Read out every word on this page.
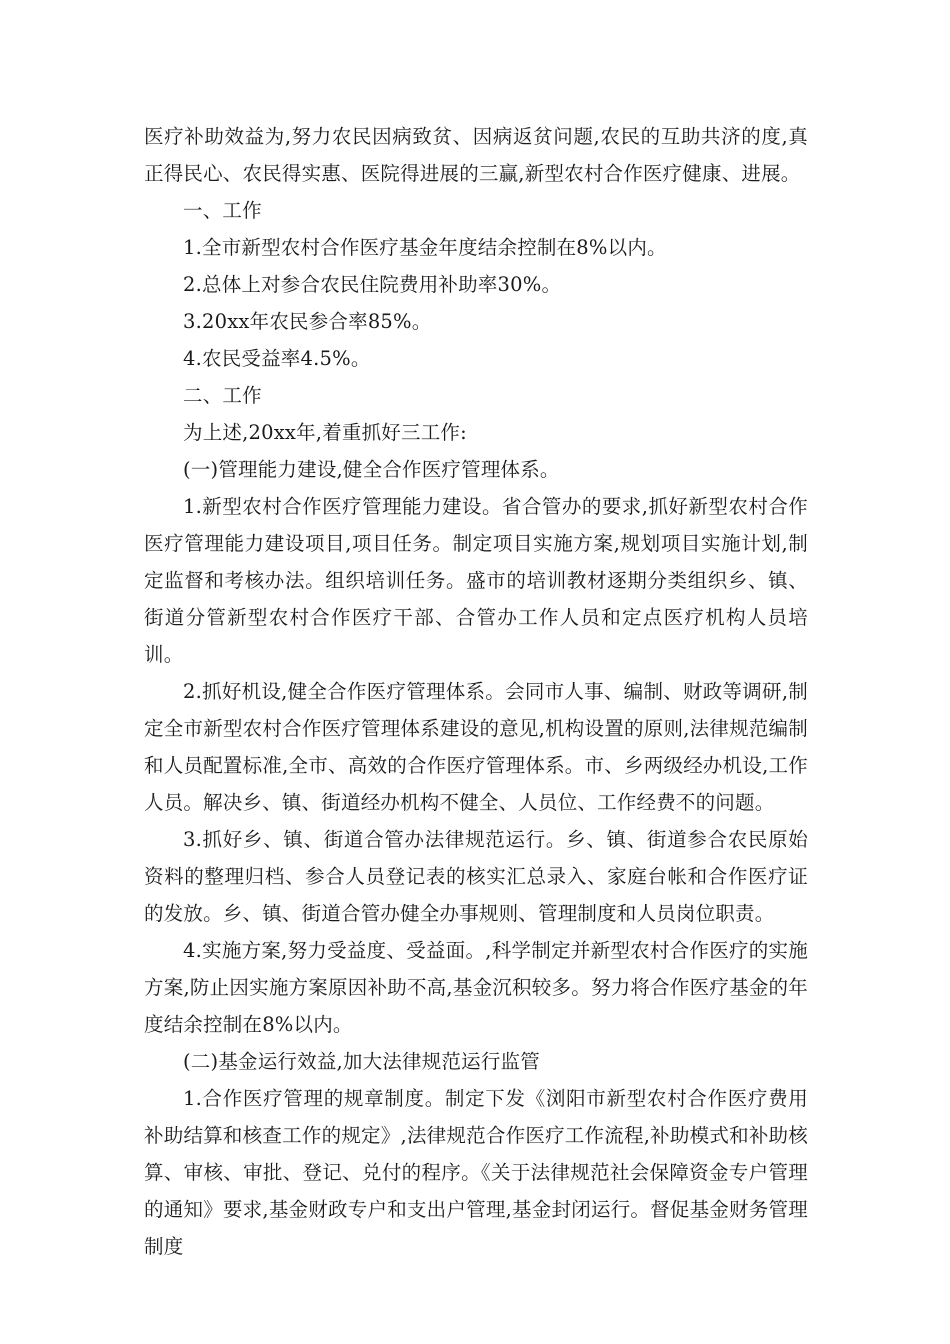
医疗补助效益为,努力农民因病致贫、因病返贫问题,农民的互助共济的度,真正得民心、农民得实惠、医院得进展的三赢,新型农村合作医疗健康、进展。

一、工作

1.全市新型农村合作医疗基金年度结余控制在8%以内。

2.总体上对参合农民住院费用补助率30%。

3.20xx年农民参合率85%。

4.农民受益率4.5%。

二、工作

为上述,20xx年,着重抓好三工作:

(一)管理能力建设,健全合作医疗管理体系。

1.新型农村合作医疗管理能力建设。省合管办的要求,抓好新型农村合作医疗管理能力建设项目,项目任务。制定项目实施方案,规划项目实施计划,制定监督和考核办法。组织培训任务。盛市的培训教材逐期分类组织乡、镇、街道分管新型农村合作医疗干部、合管办工作人员和定点医疗机构人员培训。

2.抓好机设,健全合作医疗管理体系。会同市人事、编制、财政等调研,制定全市新型农村合作医疗管理体系建设的意见,机构设置的原则,法律规范编制和人员配置标准,全市、高效的合作医疗管理体系。市、乡两级经办机设,工作人员。解决乡、镇、街道经办机构不健全、人员位、工作经费不的问题。

3.抓好乡、镇、街道合管办法律规范运行。乡、镇、街道参合农民原始资料的整理归档、参合人员登记表的核实汇总录入、家庭台帐和合作医疗证的发放。乡、镇、街道合管办健全办事规则、管理制度和人员岗位职责。

4.实施方案,努力受益度、受益面。,科学制定并新型农村合作医疗的实施方案,防止因实施方案原因补助不高,基金沉积较多。努力将合作医疗基金的年度结余控制在8%以内。

(二)基金运行效益,加大法律规范运行监管

1.合作医疗管理的规章制度。制定下发《浏阳市新型农村合作医疗费用补助结算和核查工作的规定》,法律规范合作医疗工作流程,补助模式和补助核算、审核、审批、登记、兑付的程序。《关于法律规范社会保障资金专户管理的通知》要求,基金财政专户和支出户管理,基金封闭运行。督促基金财务管理制度
